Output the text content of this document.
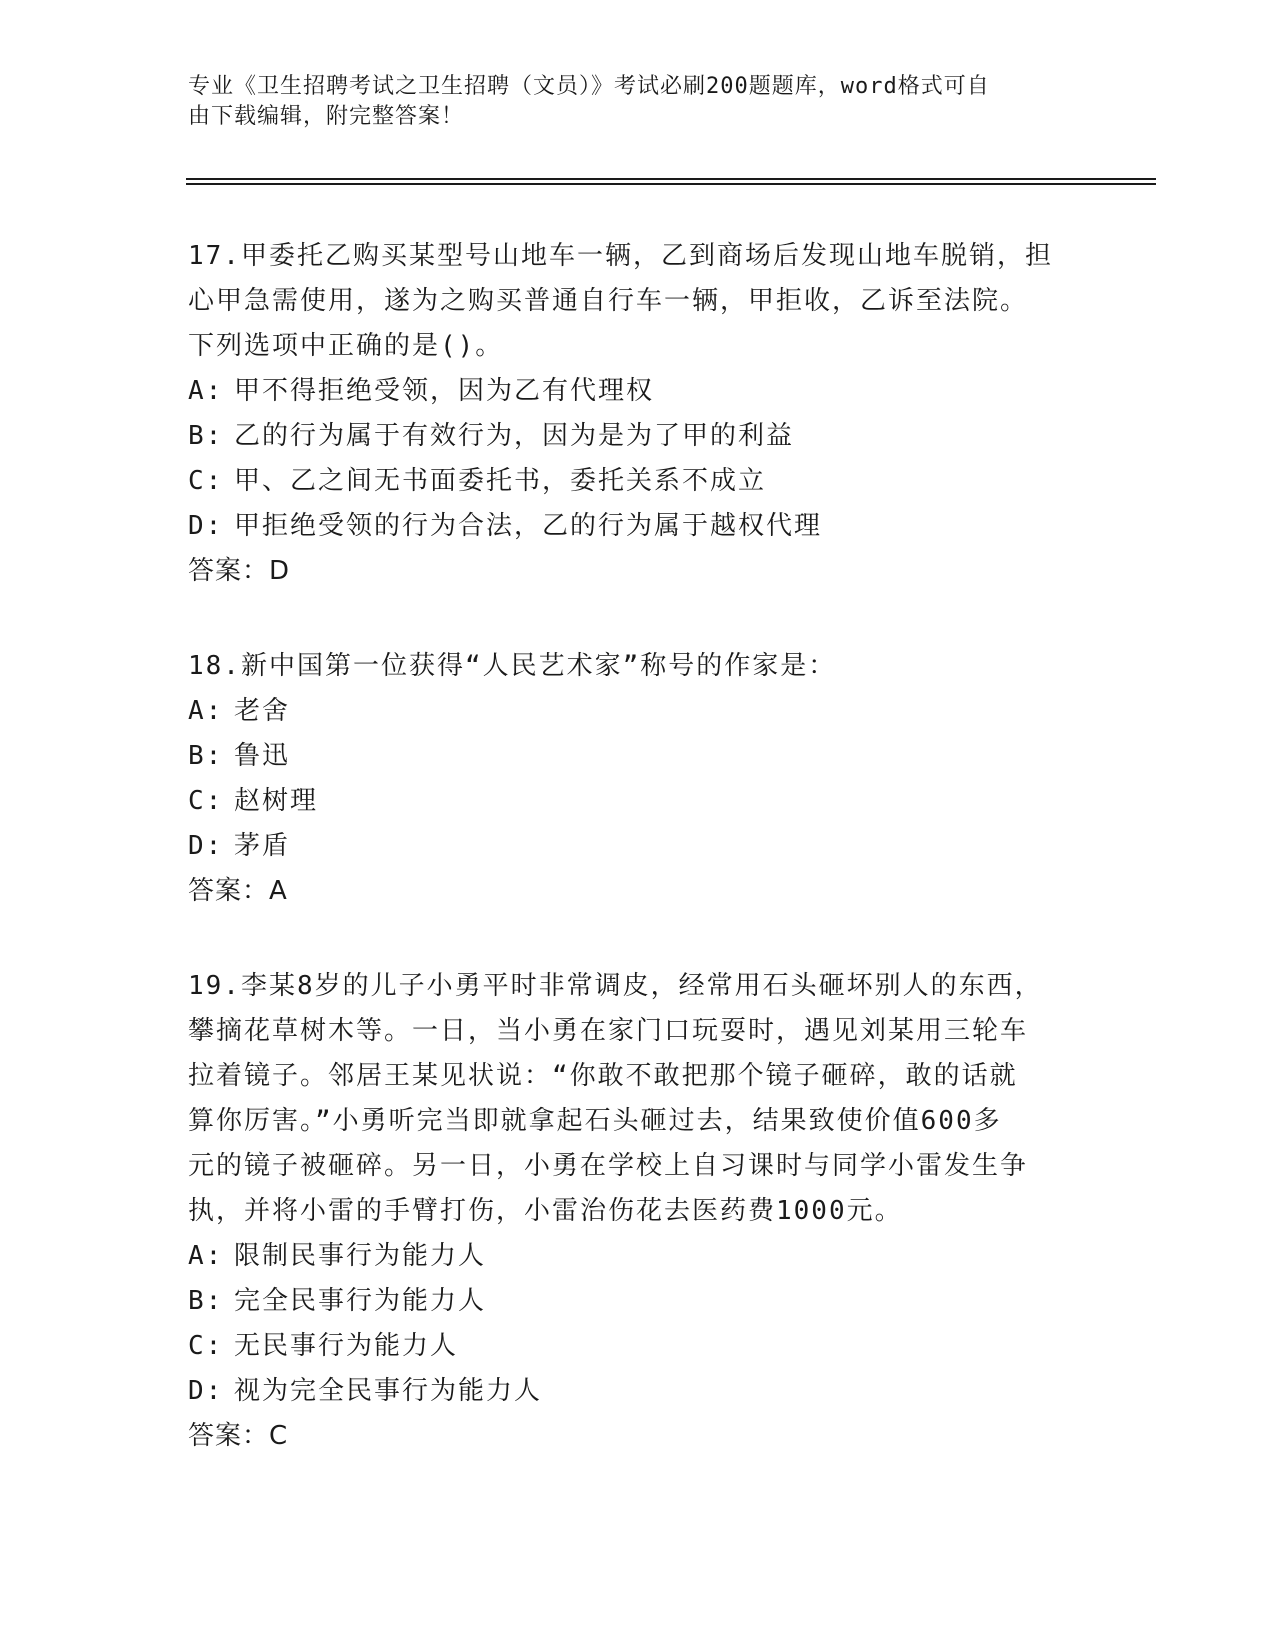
专业《卫生招聘考试之卫生招聘（文员）》考试必刷200题题库，word格式可自
由下载编辑，附完整答案！
17.甲委托乙购买某型号山地车一辆，乙到商场后发现山地车脱销，担
心甲急需使用，遂为之购买普通自行车一辆，甲拒收，乙诉至法院。
下列选项中正确的是()。
A: 甲不得拒绝受领，因为乙有代理权
B: 乙的行为属于有效行为，因为是为了甲的利益
C: 甲、乙之间无书面委托书，委托关系不成立
D: 甲拒绝受领的行为合法，乙的行为属于越权代理
答案：D
18.新中国第一位获得“人民艺术家”称号的作家是：
A: 老舍
B: 鲁迅
C: 赵树理
D: 茅盾
答案：A
19.李某8岁的儿子小勇平时非常调皮，经常用石头砸坏别人的东西，
攀摘花草树木等。一日，当小勇在家门口玩耍时，遇见刘某用三轮车
拉着镜子。邻居王某见状说：“你敢不敢把那个镜子砸碎，敢的话就
算你厉害。”小勇听完当即就拿起石头砸过去，结果致使价值600多
元的镜子被砸碎。另一日，小勇在学校上自习课时与同学小雷发生争
执，并将小雷的手臂打伤，小雷治伤花去医药费1000元。
A: 限制民事行为能力人
B: 完全民事行为能力人
C: 无民事行为能力人
D: 视为完全民事行为能力人
答案：C
